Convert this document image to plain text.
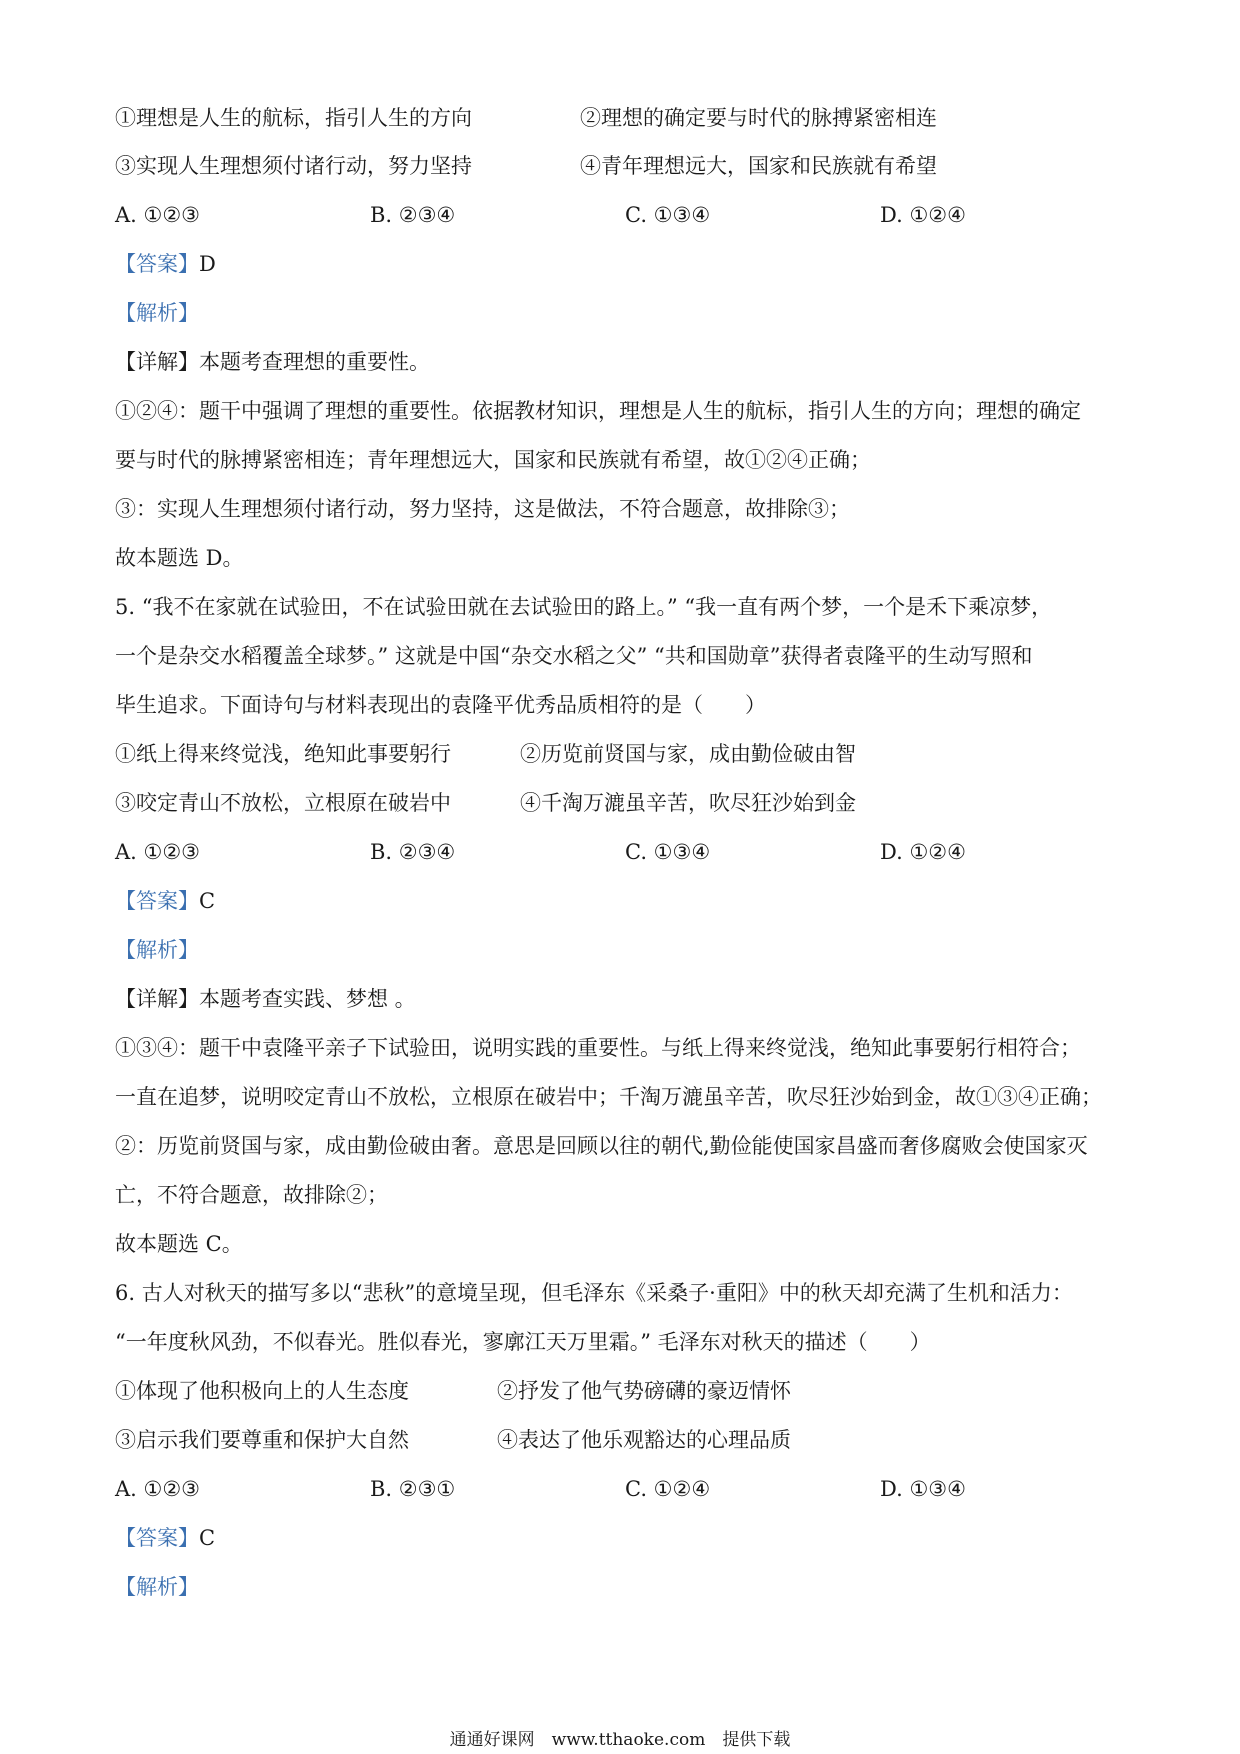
①理想是人生的航标，指引人生的方向	②理想的确定要与时代的脉搏紧密相连
③实现人生理想须付诸行动，努力坚持	④青年理想远大，国家和民族就有希望
A. ①②③	B. ②③④	C. ①③④	D. ①②④
【答案】D
【解析】
【详解】本题考查理想的重要性。
①②④：题干中强调了理想的重要性。依据教材知识，理想是人生的航标，指引人生的方向；理想的确定
要与时代的脉搏紧密相连；青年理想远大，国家和民族就有希望，故①②④正确；
③：实现人生理想须付诸行动，努力坚持，这是做法，不符合题意，故排除③；
故本题选 D。
5. “我不在家就在试验田，不在试验田就在去试验田的路上。” “我一直有两个梦，一个是禾下乘凉梦，
一个是杂交水稻覆盖全球梦。” 这就是中国“杂交水稻之父” “共和国勋章”获得者袁隆平的生动写照和
毕生追求。下面诗句与材料表现出的袁隆平优秀品质相符的是（　　）
①纸上得来终觉浅，绝知此事要躬行	②历览前贤国与家，成由勤俭破由智
③咬定青山不放松，立根原在破岩中	④千淘万漉虽辛苦，吹尽狂沙始到金
A. ①②③	B. ②③④	C. ①③④	D. ①②④
【答案】C
【解析】
【详解】本题考查实践、梦想 。
①③④：题干中袁隆平亲子下试验田，说明实践的重要性。与纸上得来终觉浅，绝知此事要躬行相符合；
一直在追梦，说明咬定青山不放松，立根原在破岩中；千淘万漉虽辛苦，吹尽狂沙始到金，故①③④正确；
②：历览前贤国与家，成由勤俭破由奢。意思是回顾以往的朝代,勤俭能使国家昌盛而奢侈腐败会使国家灭
亡，不符合题意，故排除②；
故本题选 C。
6. 古人对秋天的描写多以“悲秋”的意境呈现，但毛泽东《采桑子·重阳》中的秋天却充满了生机和活力：
“一年度秋风劲，不似春光。胜似春光，寥廓江天万里霜。” 毛泽东对秋天的描述（　　）
①体现了他积极向上的人生态度	②抒发了他气势磅礴的豪迈情怀
③启示我们要尊重和保护大自然	④表达了他乐观豁达的心理品质
A. ①②③	B. ②③①	C. ①②④	D. ①③④
【答案】C
【解析】
通通好课网　www.tthaoke.com　提供下载
